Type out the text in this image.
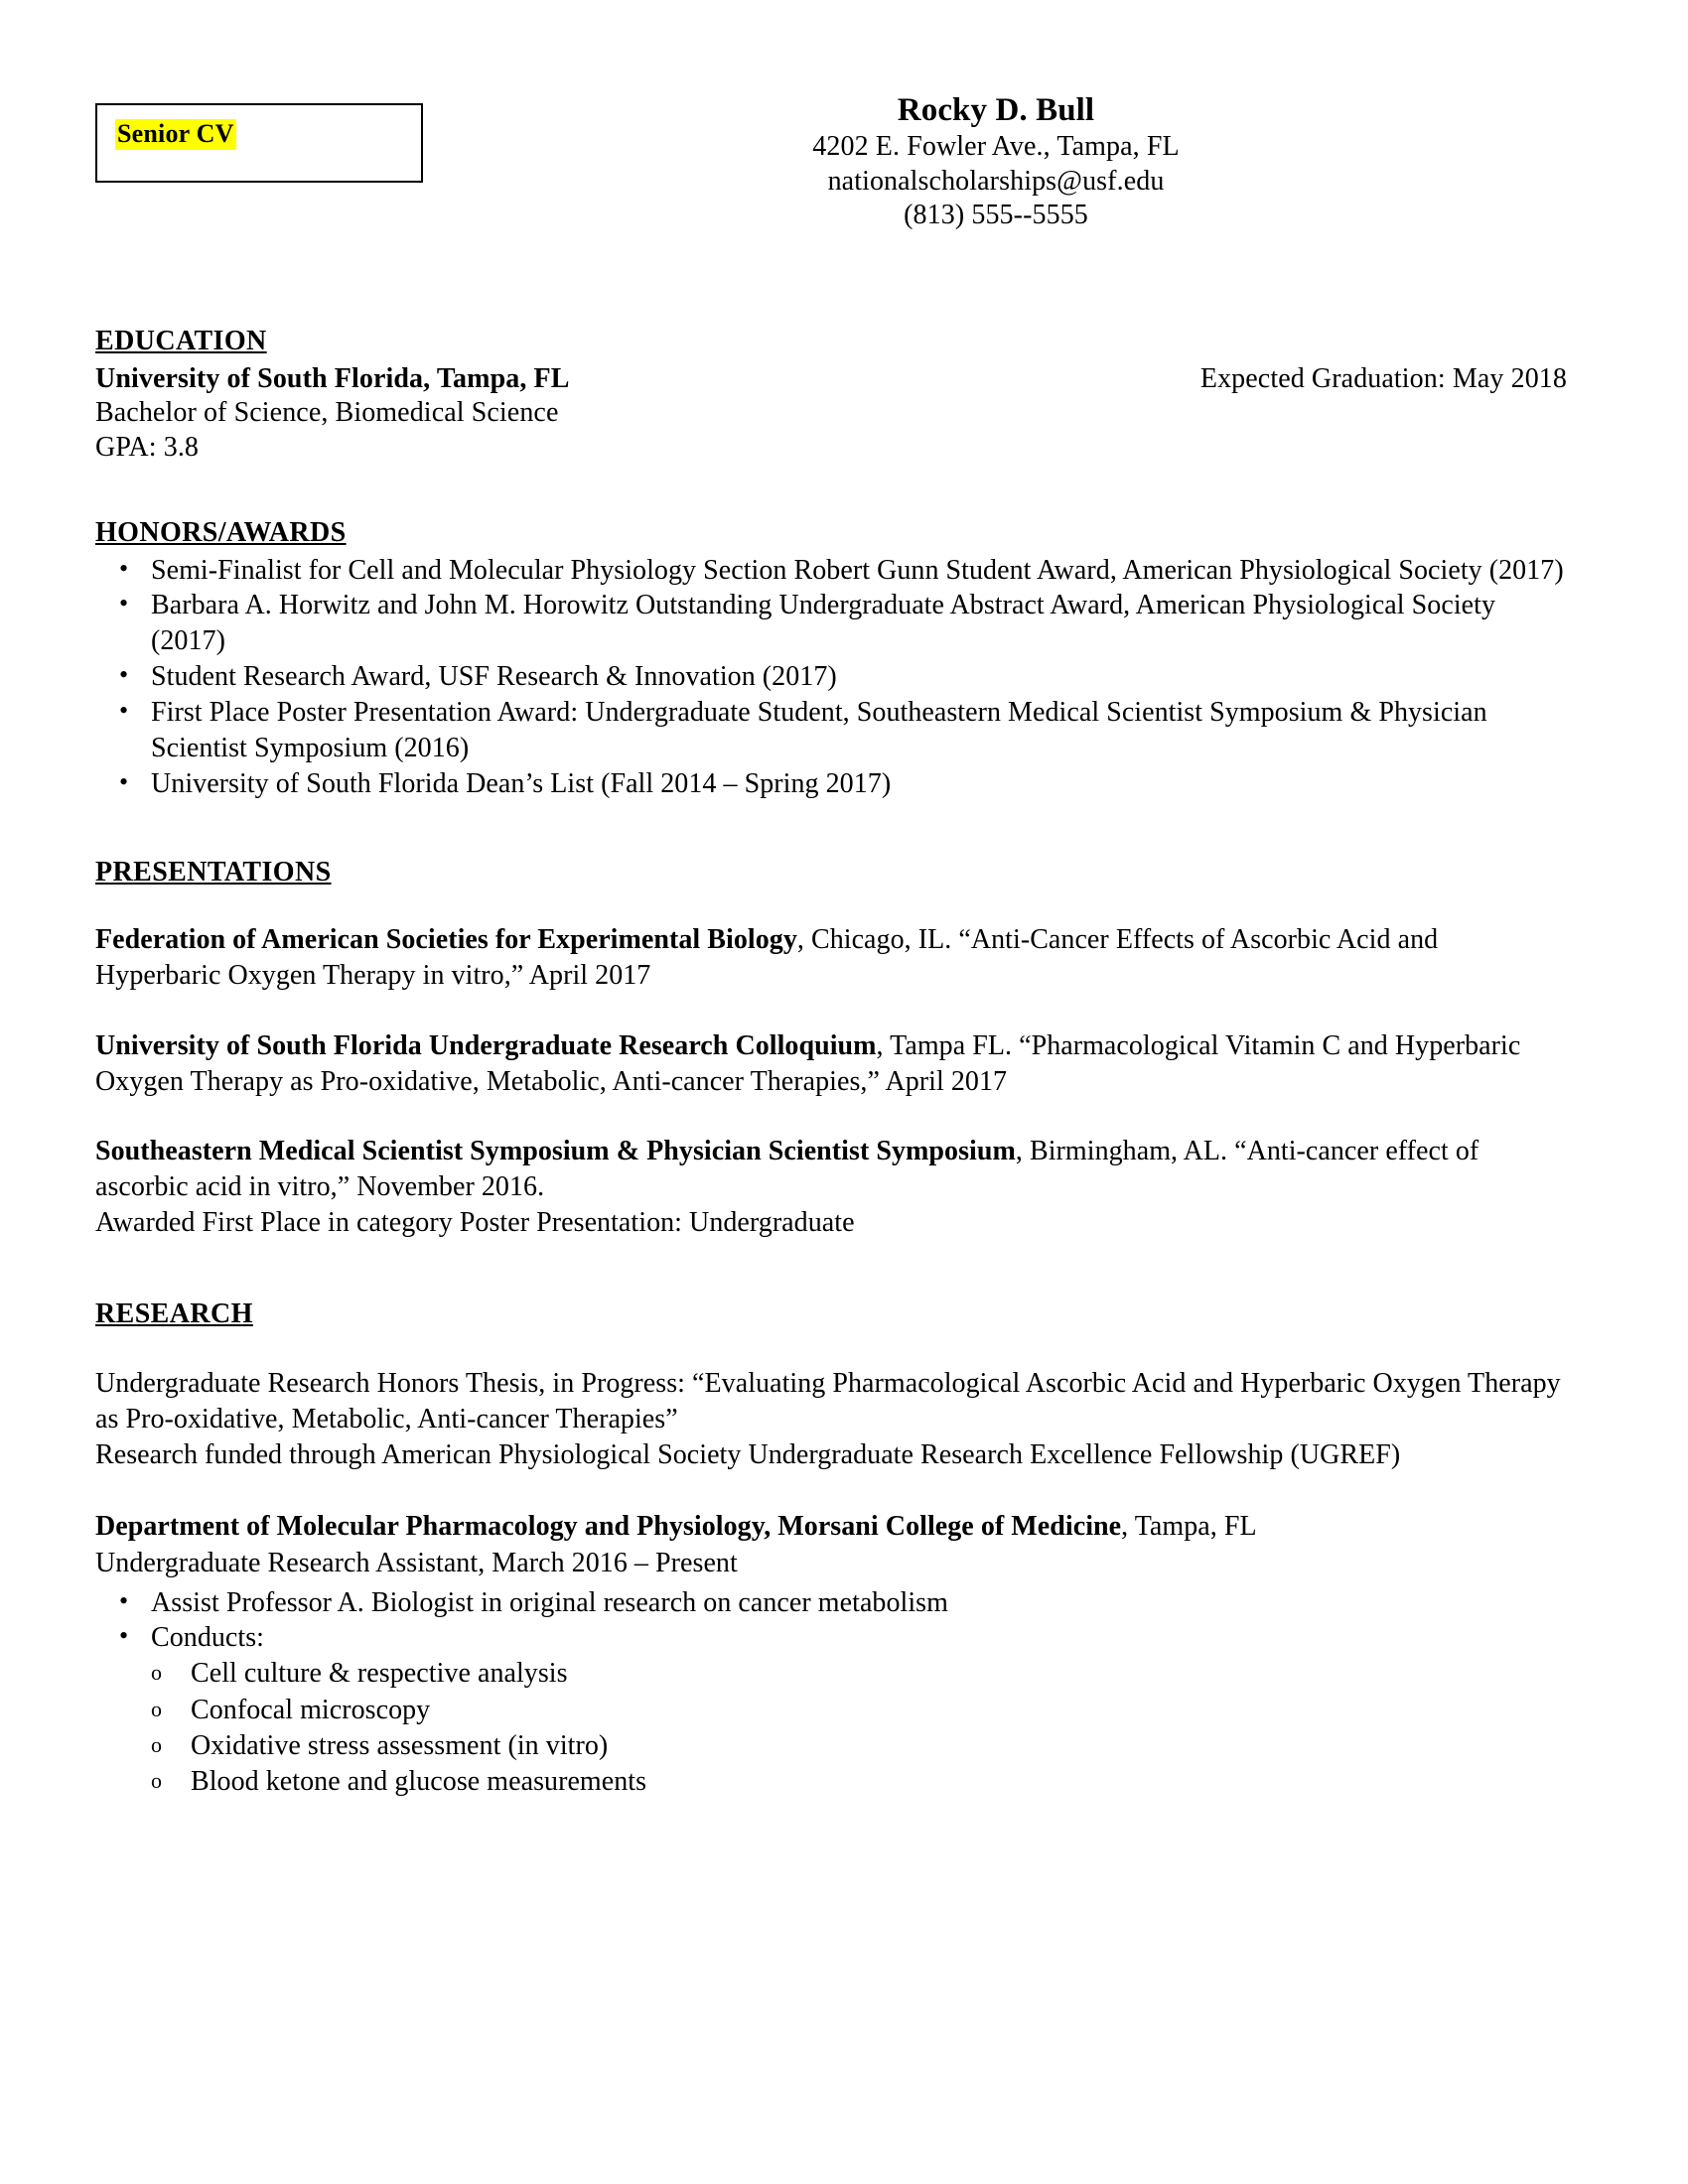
Senior CV
Rocky D. Bull
4202 E. Fowler Ave., Tampa, FL
nationalscholarships@usf.edu
(813) 555--5555
EDUCATION
University of South Florida, Tampa, FL	Expected Graduation: May 2018
Bachelor of Science, Biomedical Science
GPA: 3.8
HONORS/AWARDS
• Semi-Finalist for Cell and Molecular Physiology Section Robert Gunn Student Award, American Physiological Society (2017)
• Barbara A. Horwitz and John M. Horowitz Outstanding Undergraduate Abstract Award, American Physiological Society (2017)
• Student Research Award, USF Research & Innovation (2017)
• First Place Poster Presentation Award: Undergraduate Student, Southeastern Medical Scientist Symposium & Physician Scientist Symposium (2016)
• University of South Florida Dean’s List (Fall 2014 – Spring 2017)
PRESENTATIONS
Federation of American Societies for Experimental Biology, Chicago, IL. “Anti-Cancer Effects of Ascorbic Acid and Hyperbaric Oxygen Therapy in vitro,” April 2017
University of South Florida Undergraduate Research Colloquium, Tampa FL. “Pharmacological Vitamin C and Hyperbaric Oxygen Therapy as Pro-oxidative, Metabolic, Anti-cancer Therapies,” April 2017
Southeastern Medical Scientist Symposium & Physician Scientist Symposium, Birmingham, AL. “Anti-cancer effect of ascorbic acid in vitro,” November 2016.
Awarded First Place in category Poster Presentation: Undergraduate
RESEARCH
Undergraduate Research Honors Thesis, in Progress: “Evaluating Pharmacological Ascorbic Acid and Hyperbaric Oxygen Therapy as Pro-oxidative, Metabolic, Anti-cancer Therapies”
Research funded through American Physiological Society Undergraduate Research Excellence Fellowship (UGREF)
Department of Molecular Pharmacology and Physiology, Morsani College of Medicine, Tampa, FL
Undergraduate Research Assistant, March 2016 – Present
• Assist Professor A. Biologist in original research on cancer metabolism
• Conducts:
o Cell culture & respective analysis
o Confocal microscopy
o Oxidative stress assessment (in vitro)
o Blood ketone and glucose measurements
